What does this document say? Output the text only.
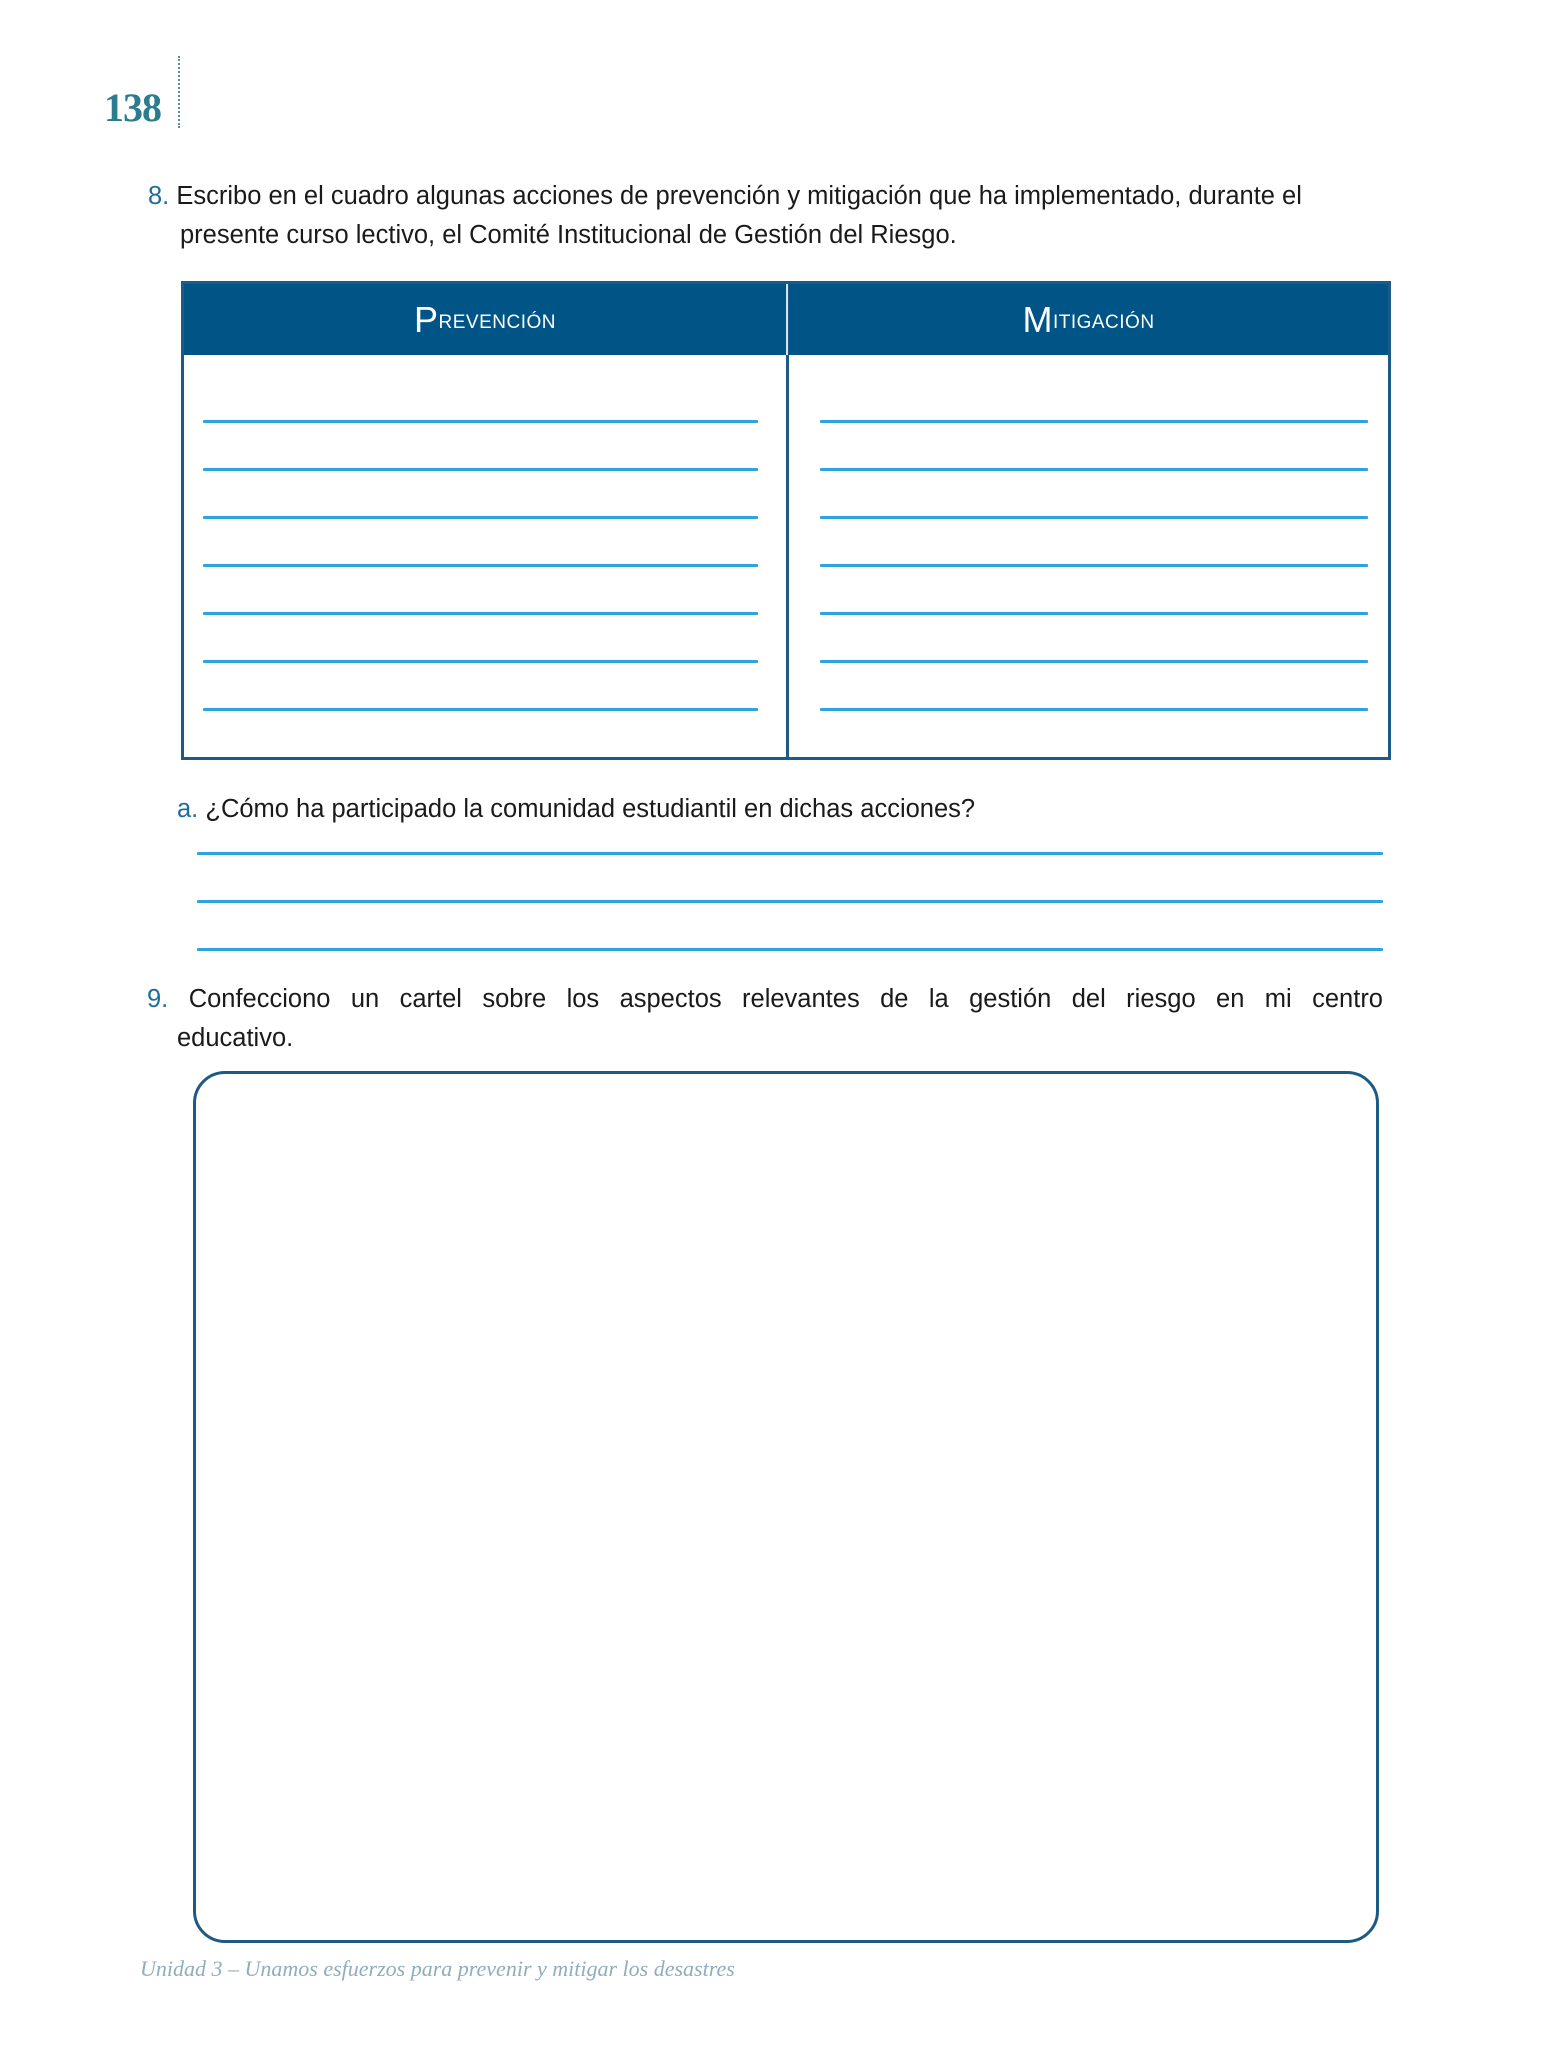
138
8. Escribo en el cuadro algunas acciones de prevención y mitigación que ha implementado, durante el
presente curso lectivo, el Comité Institucional de Gestión del Riesgo.
P revención	M itigación
a. ¿Cómo ha participado la comunidad estudiantil en dichas acciones?
9. Confecciono un cartel sobre los aspectos relevantes de la gestión del riesgo en mi centro
educativo.
Unidad 3 – Unamos esfuerzos para prevenir y mitigar los desastres
